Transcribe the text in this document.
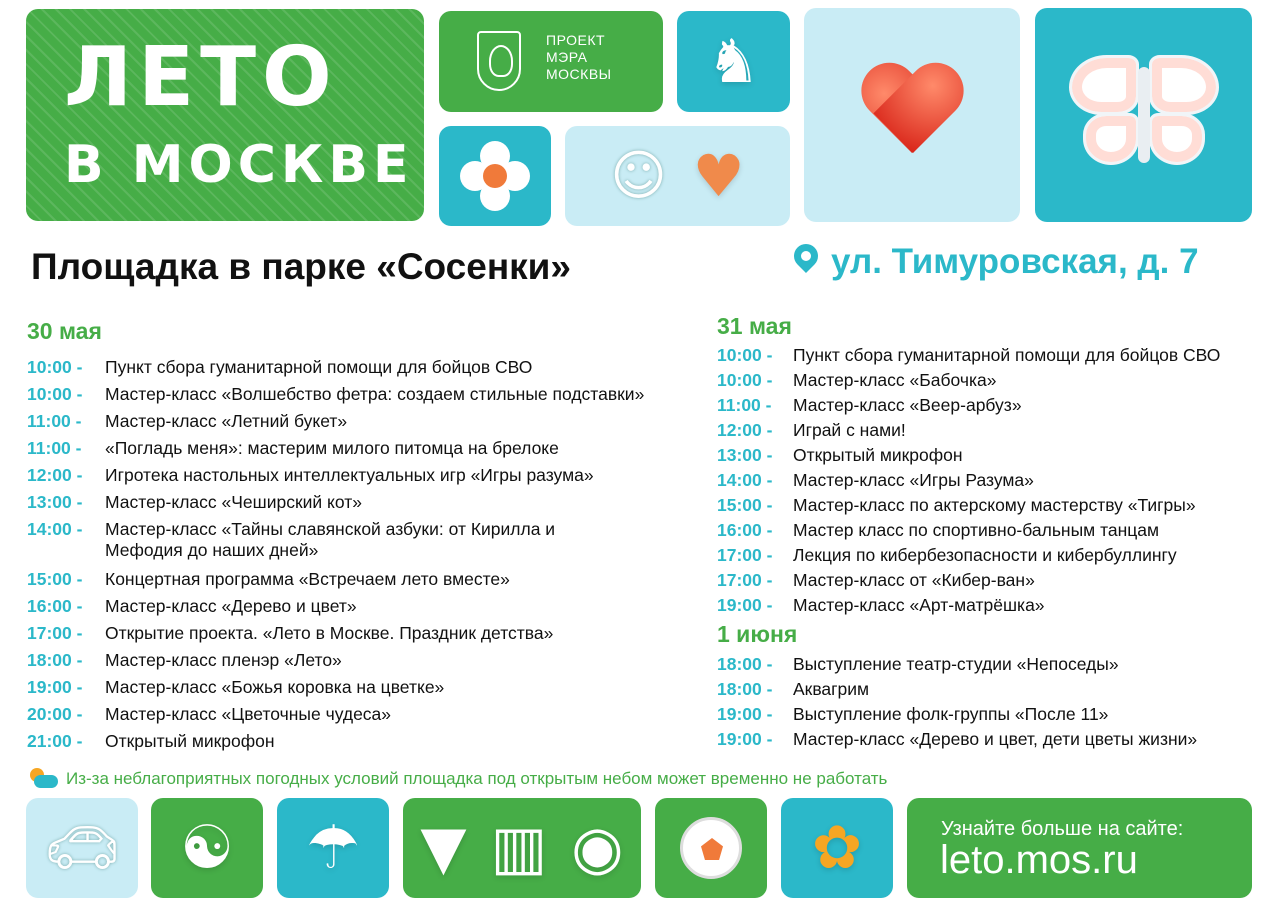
ЛЕТО
В МОСКВЕ
ПРОЕКТ
МЭРА
МОСКВЫ ♞
☺ ♥
Площадка в парке «Сосенки»	ул. Тимуровская, д. 7
30 мая
10:00 -	Пункт сбора гуманитарной помощи для бойцов СВО
10:00 -	Мастер-класс «Волшебство фетра: создаем стильные подставки»
11:00 -	Мастер-класс «Летний букет»
11:00 -	«Погладь меня»: мастерим милого питомца на брелоке
12:00 -	Игротека настольных интеллектуальных игр «Игры разума»
13:00 -	Мастер-класс «Чеширский кот»
14:00 -	Мастер-класс «Тайны славянской азбуки: от Кирилла и Мефодия до наших дней»
15:00 -	Концертная программа «Встречаем лето вместе»
16:00 -	Мастер-класс «Дерево и цвет»
17:00 -	Открытие проекта. «Лето в Москве. Праздник детства»
18:00 -	Мастер-класс пленэр «Лето»
19:00 -	Мастер-класс «Божья коровка на цветке»
20:00 -	Мастер-класс «Цветочные чудеса»
21:00 -	Открытый микрофон
31 мая
10:00 -	Пункт сбора гуманитарной помощи для бойцов СВО
10:00 -	Мастер-класс «Бабочка»
11:00 -	Мастер-класс «Веер-арбуз»
12:00 -	Играй с нами!
13:00 -	Открытый микрофон
14:00 -	Мастер-класс «Игры Разума»
15:00 -	Мастер-класс по актерскому мастерству «Тигры»
16:00 -	Мастер класс по спортивно-бальным танцам
17:00 -	Лекция по кибербезопасности и кибербуллингу
17:00 -	Мастер-класс от «Кибер-ван»
19:00 -	Мастер-класс «Арт-матрёшка»
1 июня
18:00 -	Выступление театр-студии «Непоседы»
18:00 -	Аквагрим
19:00 -	Выступление фолк-группы «После 11»
19:00 -	Мастер-класс «Дерево и цвет, дети цветы жизни»
Из-за неблагоприятных погодных условий площадка под открытым небом может временно не работать
🚗︎ ☯ ☂ ▼ ▥ ◉	✿	Узнайте больше на сайте:
leto.mos.ru
